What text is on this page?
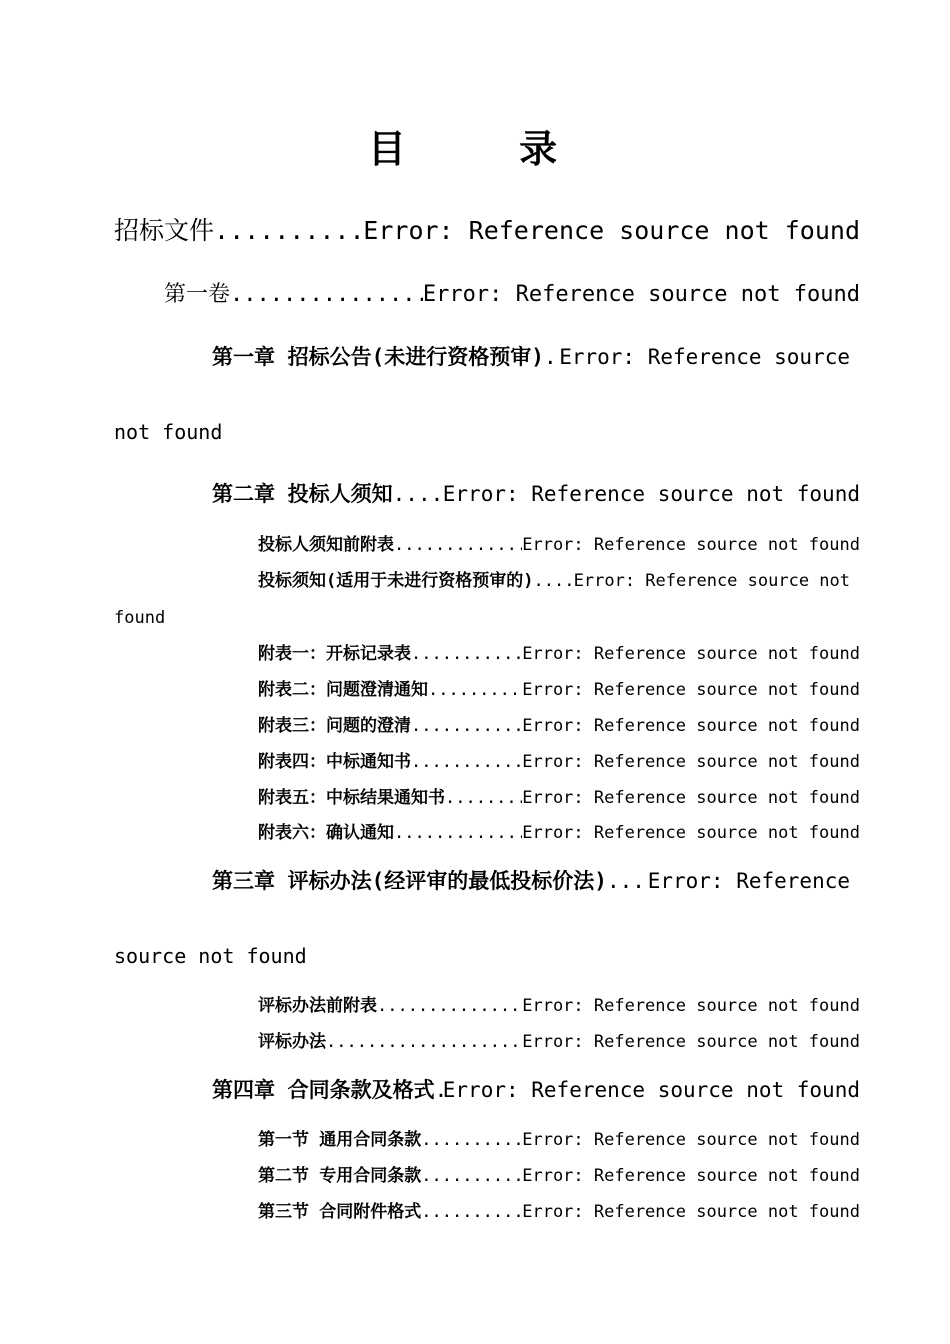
目 录
招标文件 .....	Error: Reference source not found
第一卷 .....	Error: Reference source not found
第一章 招标公告(未进行资格预审) ..... Error: Reference source
not found
第二章 投标人须知 ..... Error: Reference source not found
投标人须知前附表 .....	Error: Reference source not found
投标须知(适用于未进行资格预审的) ..... Error: Reference source not
found
附表一：开标记录表 .....	Error: Reference source not found
附表二：问题澄清通知 .....	Error: Reference source not found
附表三：问题的澄清 .....	Error: Reference source not found
附表四：中标通知书 .....	Error: Reference source not found
附表五：中标结果通知书 .....	Error: Reference source not found
附表六：确认通知 .....	Error: Reference source not found
第三章 评标办法(经评审的最低投标价法) ..... Error: Reference
source not found
评标办法前附表 .....	Error: Reference source not found
评标办法 .....	Error: Reference source not found
第四章 合同条款及格式 ..... Error: Reference source not found
第一节 通用合同条款 .....	Error: Reference source not found
第二节 专用合同条款 .....	Error: Reference source not found
第三节 合同附件格式 .....	Error: Reference source not found
